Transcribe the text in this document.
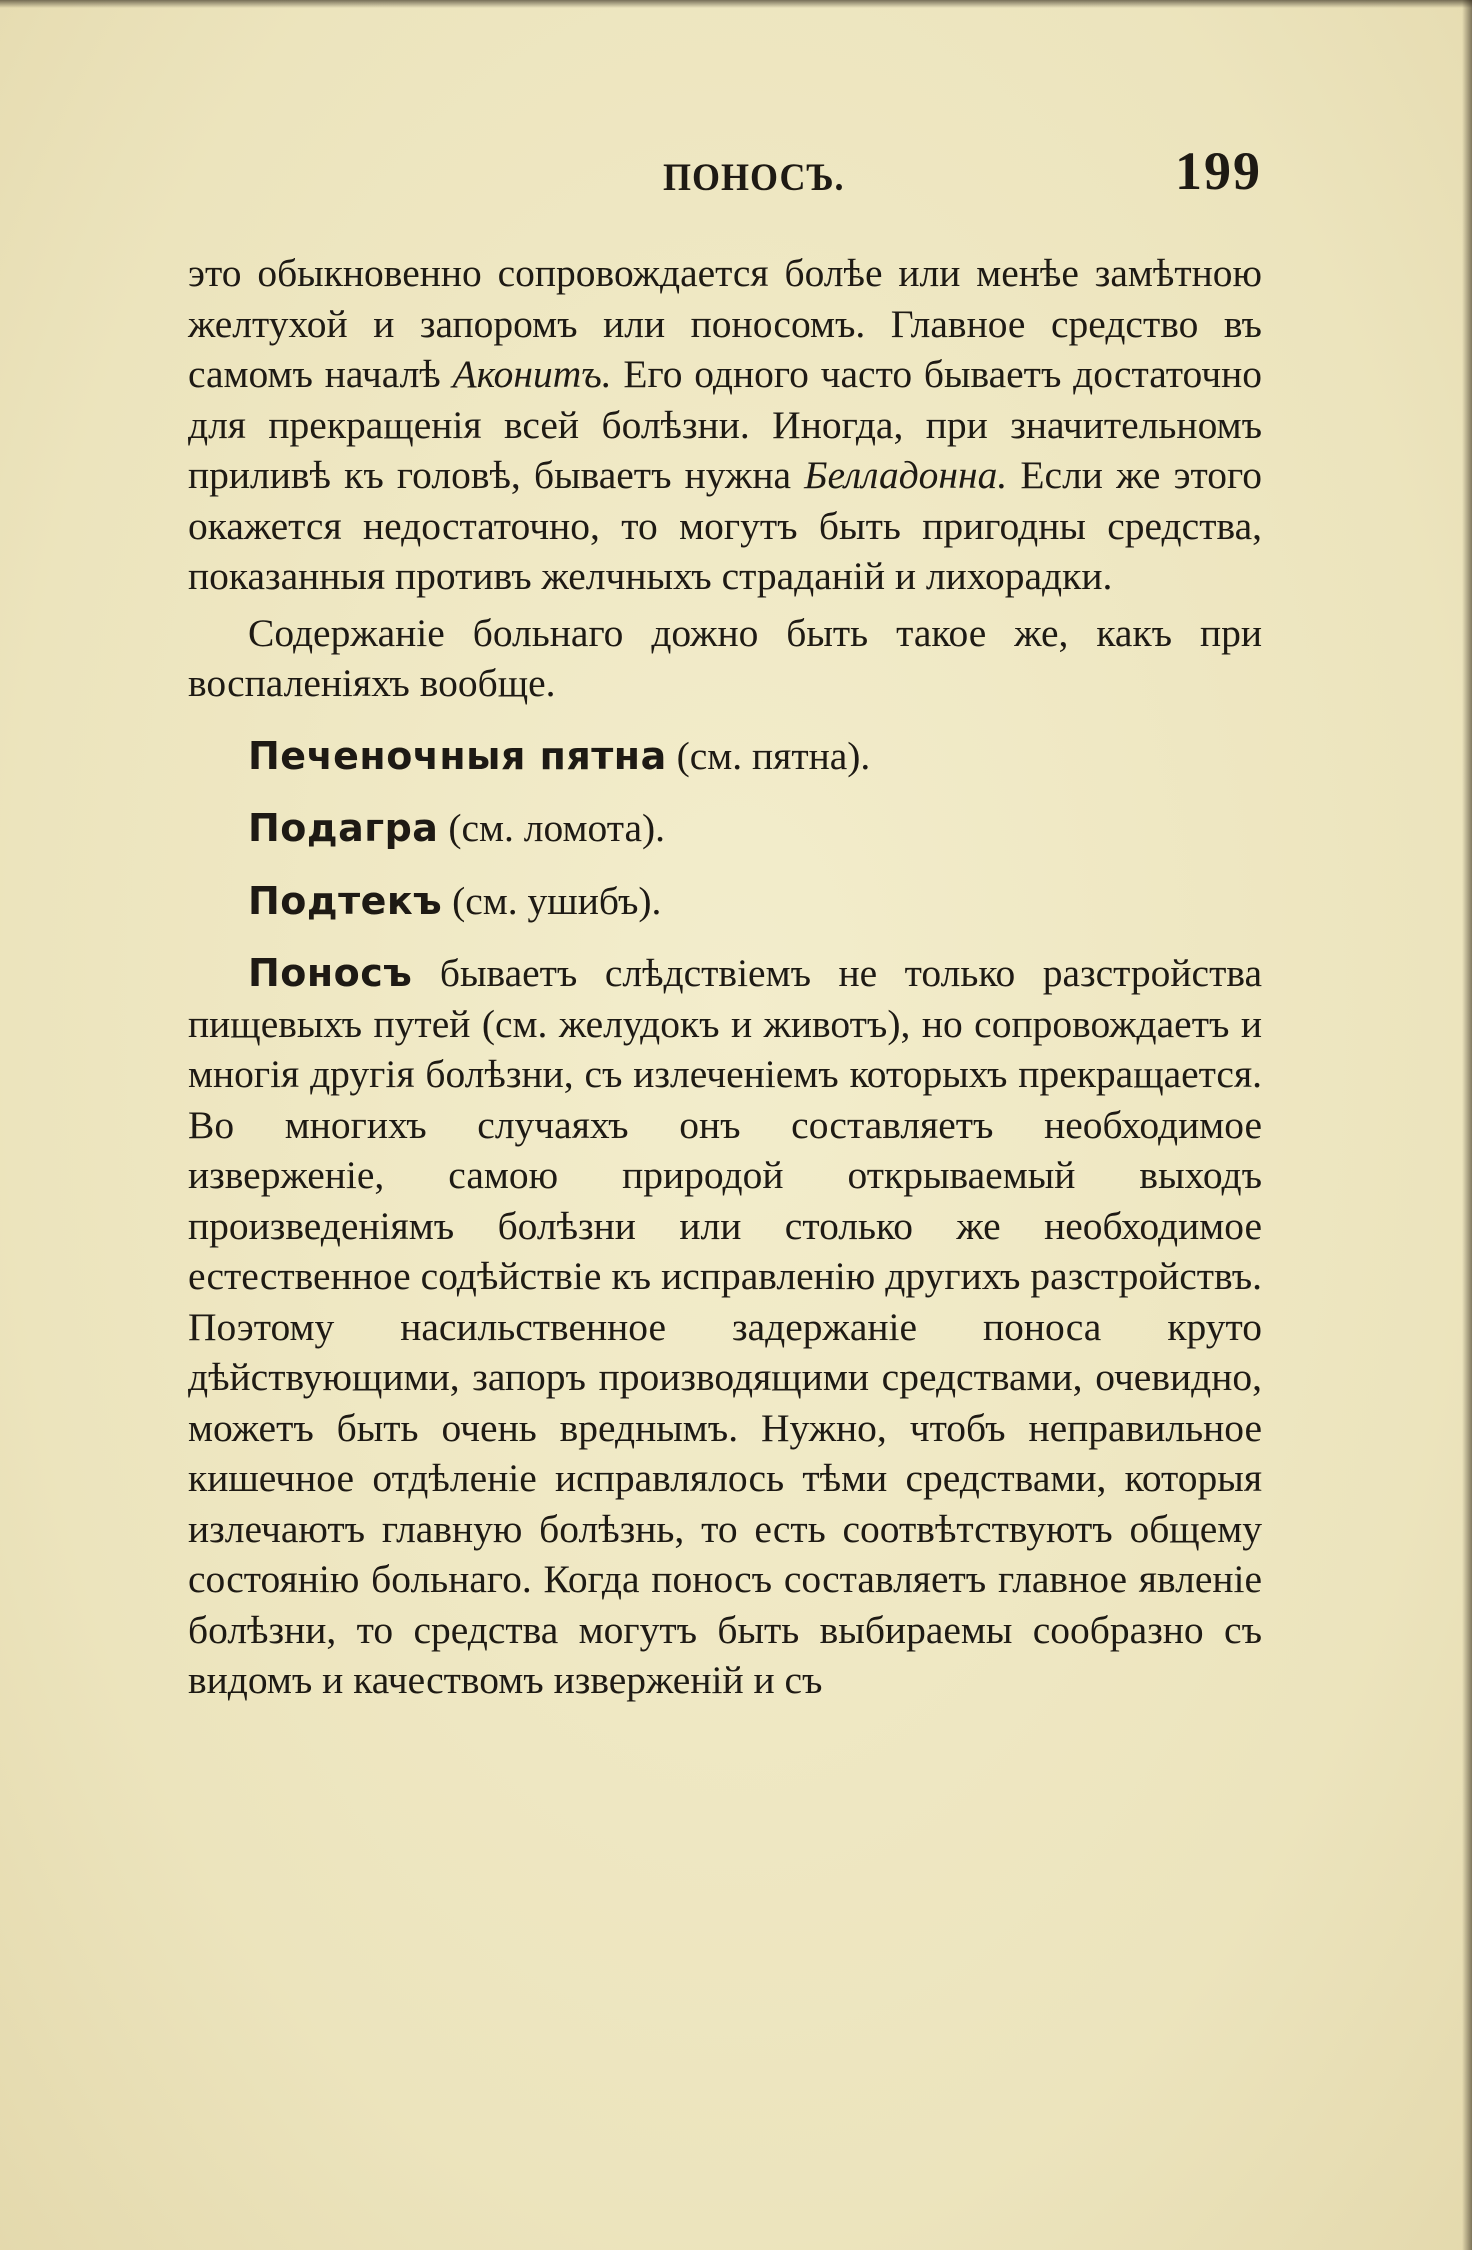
ПОНОСЪ.	199

это обыкновенно сопровождается болѣе или менѣе замѣтною желтухой и запоромъ или поносомъ. Главное средство въ самомъ началѣ Аконитъ. Его одного часто бываетъ достаточно для прекращенія всей болѣзни. Иногда, при значительномъ приливѣ къ головѣ, бываетъ нужна Белладонна. Если же этого окажется недостаточно, то могутъ быть пригодны средства, показанныя противъ желчныхъ страданій и лихорадки.

Содержаніе больнаго дожно быть такое же, какъ при воспаленіяхъ вообще.

Печеночныя пятна (см. пятна).

Подагра (см. ломота).

Подтекъ (см. ушибъ).

Поносъ бываетъ слѣдствіемъ не только разстройства пищевыхъ путей (см. желудокъ и животъ), но сопровождаетъ и многія другія болѣзни, съ излеченіемъ которыхъ прекращается. Во многихъ случаяхъ онъ составляетъ необходимое изверженіе, самою природой открываемый выходъ произведеніямъ болѣзни или столько же необходимое естественное содѣйствіе къ исправленію другихъ разстройствъ. Поэтому насильственное задержаніе поноса круто дѣйствующими, запоръ производящими средствами, очевидно, можетъ быть очень вреднымъ. Нужно, чтобъ неправильное кишечное отдѣленіе исправлялось тѣми средствами, которыя излечаютъ главную болѣзнь, то есть соотвѣтствуютъ общему состоянію больнаго. Когда поносъ составляетъ главное явленіе болѣзни, то средства могутъ быть выбираемы сообразно съ видомъ и качествомъ изверженій и съ
